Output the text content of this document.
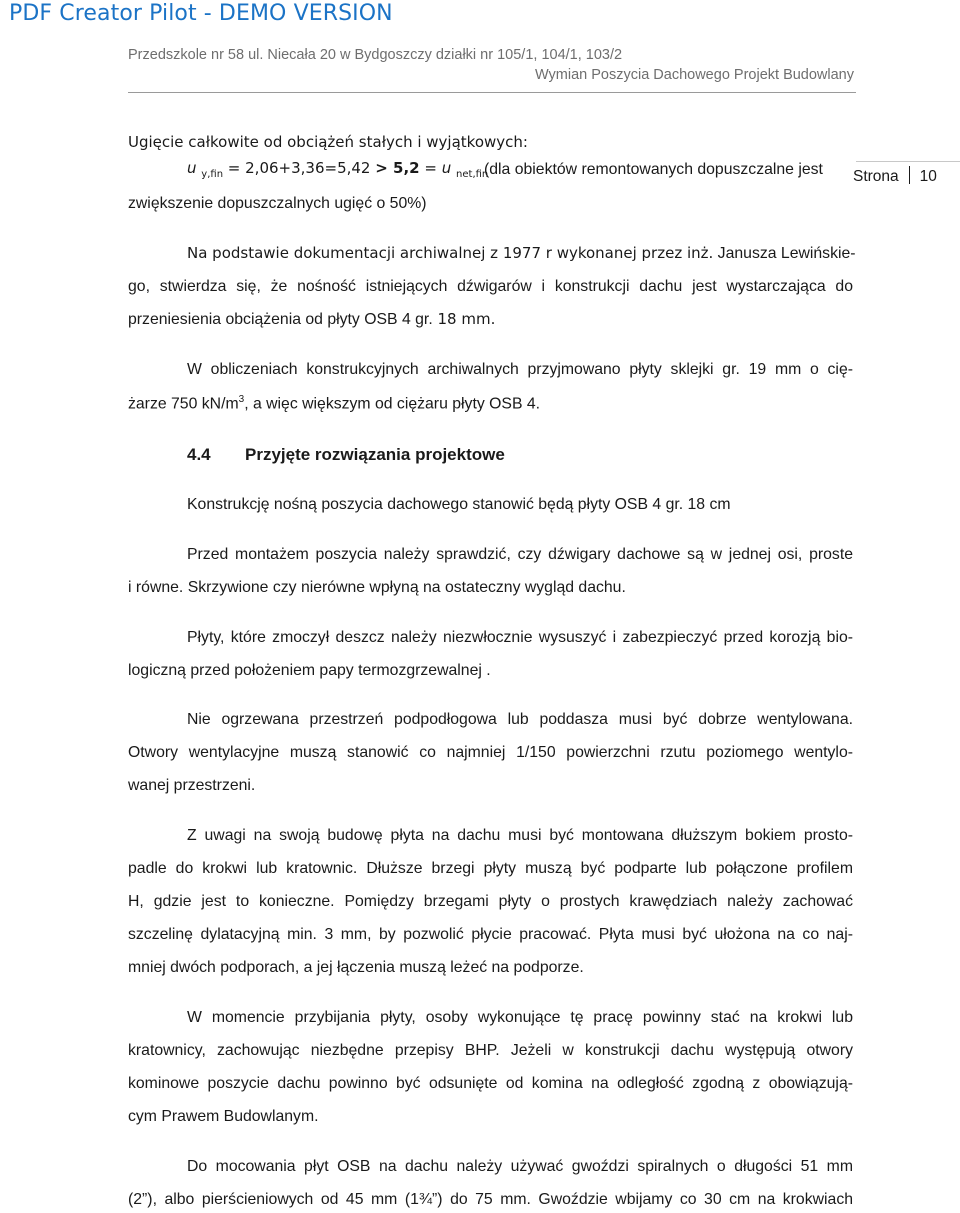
PDF Creator Pilot - DEMO VERSION
Przedszkole nr 58 ul. Niecała 20 w Bydgoszczy działki nr 105/1, 104/1, 103/2
Wymian Poszycia Dachowego Projekt Budowlany
Ugięcie całkowite od obciążeń stałych i wyjątkowych:
u $_{y,fin}$ = 2,06+3,36=5,42 > 5,2 = u $_{net,fin}$
(dla obiektów remontowanych dopuszczalne jest
zwiększenie dopuszczalnych ugięć o 50%)
Strona 10
Na podstawie dokumentacji archiwalnej z 1977 r wykonanej przez inż. Janusza Lewińskie-
go, stwierdza się, że nośność istniejących dźwigarów i konstrukcji dachu jest wystarczająca do
przeniesienia obciążenia od płyty OSB 4 gr. 18 mm.
W obliczeniach konstrukcyjnych archiwalnych przyjmowano płyty sklejki gr. 19 mm o cię-
żarze 750 $kN/m^3$, a więc większym od ciężaru płyty OSB 4.
4.4 Przyjęte rozwiązania projektowe
Konstrukcję nośną poszycia dachowego stanowić będą płyty OSB 4 gr. 18 cm
Przed montażem poszycia należy sprawdzić, czy dźwigary dachowe są w jednej osi, proste
i równe. Skrzywione czy nierówne wpłyną na ostateczny wygląd dachu.
Płyty, które zmoczył deszcz należy niezwłocznie wysuszyć i zabezpieczyć przed korozją bio-
logiczną przed położeniem papy termozgrzewalnej .
Nie ogrzewana przestrzeń podpodłogowa lub poddasza musi być dobrze wentylowana.
Otwory wentylacyjne muszą stanowić co najmniej 1/150 powierzchni rzutu poziomego wentylo-
wanej przestrzeni.
Z uwagi na swoją budowę płyta na dachu musi być montowana dłuższym bokiem prosto-
padle do krokwi lub kratownic. Dłuższe brzegi płyty muszą być podparte lub połączone profilem
H, gdzie jest to konieczne. Pomiędzy brzegami płyty o prostych krawędziach należy zachować
szczelinę dylatacyjną min. 3 mm, by pozwolić płycie pracować. Płyta musi być ułożona na co naj-
mniej dwóch podporach, a jej łączenia muszą leżeć na podporze.
W momencie przybijania płyty, osoby wykonujące tę pracę powinny stać na krokwi lub
kratownicy, zachowując niezbędne przepisy BHP. Jeżeli w konstrukcji dachu występują otwory
kominowe poszycie dachu powinno być odsunięte od komina na odległość zgodną z obowiązują-
cym Prawem Budowlanym.
Do mocowania płyt OSB na dachu należy używać gwoździ spiralnych o długości 51 mm
(2”), albo pierścieniowych od 45 mm (1¾”) do 75 mm. Gwoździe wbijamy co 30 cm na krokwiach
